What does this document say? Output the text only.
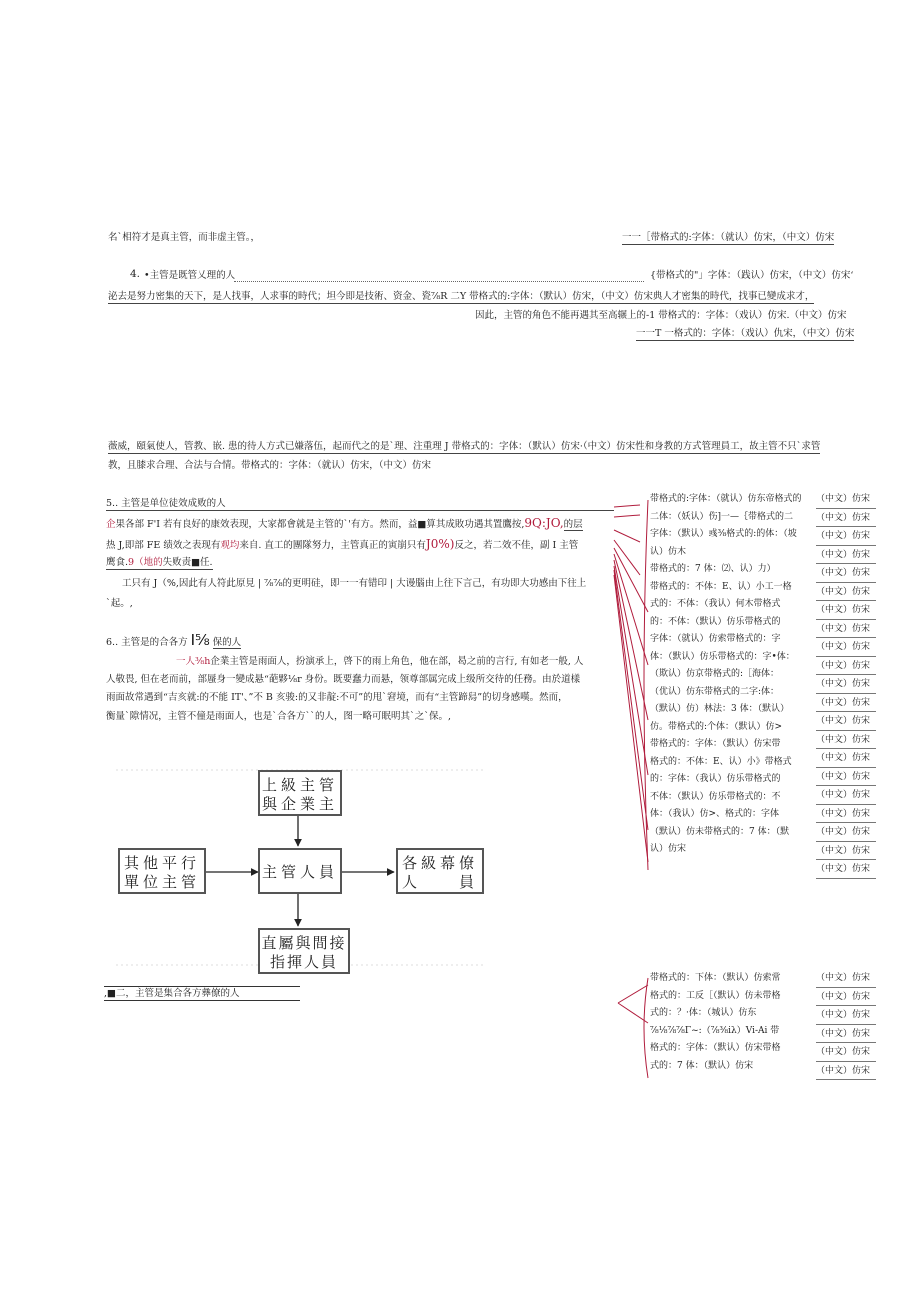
名`相符才是真主管，而非虚主管。，	一一［带格式的:字体：（就认）仿宋，（中文）仿宋
4. •主管是既管乂理的人	{带格式的"」字体：（践认）仿宋，（中文）仿宋‘
泌去是努力密集的天下，是人找事，人求事的時代；坦今即是技術、资金、瓷⅞R 二Y 带格式的:字体：（默认）仿宋，（中文）仿宋典人才密集的時代，找事已變成求才，
因此，主管的角色不能再遇其至高辗上的-1 带格式的：字体：（戏认）仿宋.（中文）仿宋
一一T 一格式的：字体：（戏认）仇宋，（中文）仿宋
薇威，頤氣使人，管教、嵌. 患的待人方式已嫌落伍，起而代之的是`理、注重理 J 带格式的：字体：（默认）仿宋·（中文）仿宋性和身教的方式管理員工，故主管不只`求管
教，且膝求合理、合法与合情。带格式的：字体：（就认）仿宋，（中文）仿宋
5.. 主管是单位徒效成败的人
企果各部 F'I 若有良好的康效表现，大家都會就是主管的`'有方。然而，益■算其成敗功遇其置鷹按,9Q:JO,的层
热 J,即部 FE 绩效之表现有观均来自. 直工的團隊努力，主管真正的寅崩只有J0%)反之，若二效不佳，副 I 主管
鹰食.9（地的失败责■任.
工只有 J（%,因此有人符此原見 | ⅞⅞的更明硅，即一一有错印 | 大谩腦由上往下言己，有功即大功感由下往上
`起。,
6.. 主管是的合各方 I⅝ 保的人
一人⅜h企業主管是雨面人，扮演承上，啓下的雨上角色，他在部，曷之前的言行, 有如老一般, 人
人敬畏, 但在老而前，部蜃身一變成悬“葩夥⅛r 身份。既要蠢力而悬，领尊部属完成上级所交待的任務。由於道樣
雨面故常遇到“吉亥就:的不能 IT'、”不 B 亥骏:的又非靛:不可”的甩`窘境，而有“主管蹄舄”的切身感嘆。然而，
衡量`隙情况，主管不僮是雨面人，也是`合各方``的人，图一略可眠明其`之`保。,
上級主管
與企業主
其他平行
單位主管
主管人員	各級幕僚
人　　員
直屬與間接
指揮人員
,■二，主管是集合各方彝僚的人
带格式的:字体：（就认）仿东帝格式的
二体：（妖认）伤]一—｛带格式的二
字体：（默认）彧⅜格式的:的体：（坡
认）仿木
带格式的：7 体：⑵、认）力）
带格式的：不体：E、认）小工一格
式的：不体：（我认）何木带格式
的：不体：（默认）仿乐带格式的
字体：（就认）仿索带格式的：字
体：（默认）仿乐带格式的：字•体：
（欺认）仿京带格式的:［海体：
（优认）仿东带格式的二字:体：
（默认）仿）林法：3 体：（默认）
仿。带格式的:个体：（默认）仿>
带格式的：字体：（默认）仿宋带
格式的：不体：E、认）小》带格式
的：字体：（我认）仿乐带格式的
不体：（默认）仿乐带格式的：不
体：（我认）仿>、格式的：字体
（默认）仿未带格式的：7 体：（默
认）仿宋
（中文）仿宋
（中文）仿宋
（中文）仿宋
（中文）仿宋
（中文）仿宋
（中文）仿宋
（中文）仿宋
（中文）仿宋
（中文）仿宋
（中文）仿宋
（中文）仿宋
（中文）仿宋
（中文）仿宋
（中文）仿宋
（中文）仿宋
（中文）仿宋
（中文）仿宋
（中文）仿宋
（中文）仿宋
（中文）仿宋
（中文）仿宋
带格式的：下体：（默认）仿索常
格式的：工反［（默认）仿未带格
式的：？·体：（城认）仿东
⅞⅛⅞⅞Γ~:（⅞⅜iλ）Vi-Ai 带
格式的：字体：（默认）仿宋带格
式的：7 体：（默认）仿宋
（中文）仿宋
（中文）仿宋
（中文）仿宋
（中文）仿宋
（中文）仿宋
（中文）仿宋
